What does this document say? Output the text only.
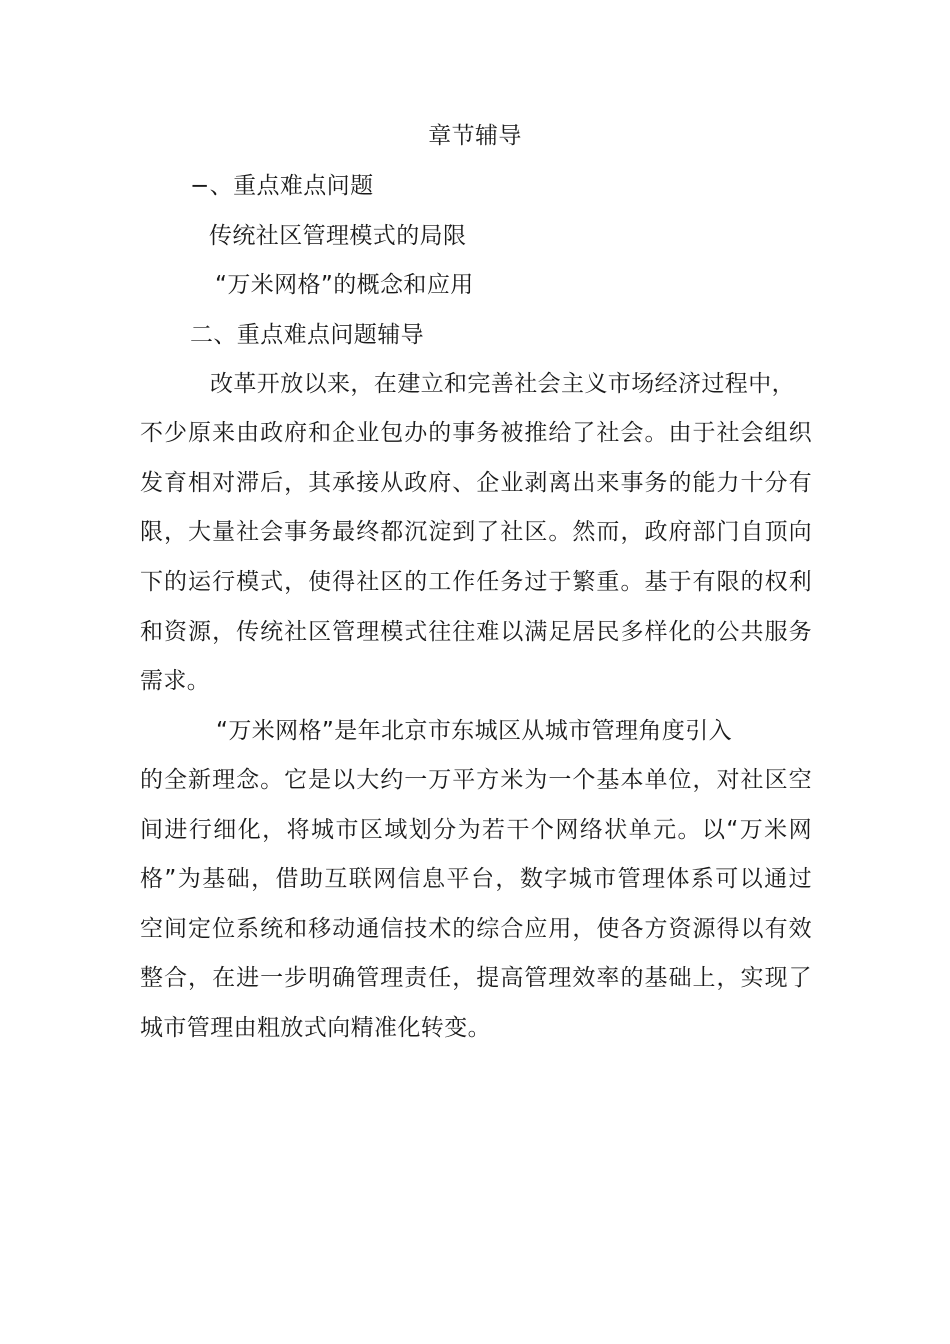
章节辅导
−、重点难点问题
传统社区管理模式的局限
“万米网格”的概念和应用
二、重点难点问题辅导
改革开放以来，在建立和完善社会主义市场经济过程中，
不少原来由政府和企业包办的事务被推给了社会。由于社会组织
发育相对滞后，其承接从政府、企业剥离出来事务的能力十分有
限，大量社会事务最终都沉淀到了社区。然而，政府部门自顶向
下的运行模式，使得社区的工作任务过于繁重。基于有限的权利
和资源，传统社区管理模式往往难以满足居民多样化的公共服务
需求。
“万米网格”是年北京市东城区从城市管理角度引入
的全新理念。它是以大约一万平方米为一个基本单位，对社区空
间进行细化，将城市区域划分为若干个网络状单元。以“万米网
格”为基础，借助互联网信息平台，数字城市管理体系可以通过
空间定位系统和移动通信技术的综合应用，使各方资源得以有效
整合，在进一步明确管理责任，提高管理效率的基础上，实现了
城市管理由粗放式向精准化转变。
